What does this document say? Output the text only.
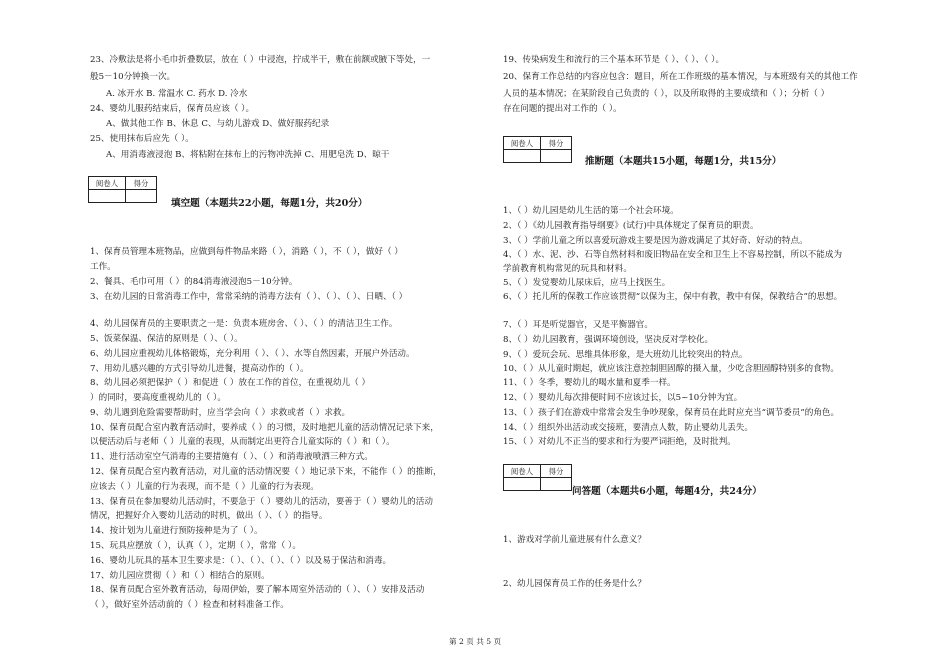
23、冷敷法是将小毛巾折叠数层，放在（ ）中浸泡，拧成半干，敷在前额或腋下等处，一
般5－10分钟换一次。
A. 冰开水 B. 常温水 C. 药水 D. 冷水
24、婴幼儿服药结束后，保育员应该（ ）。
A、做其他工作 B、休息 C、与幼儿游戏 D、做好服药纪录
25、使用抹布后应先（ ）。
A、用消毒液浸泡 B、将粘附在抹布上的污物冲洗掉 C、用肥皂洗 D、晾干
阅卷人	得分

填空题（本题共22小题，每题1分，共20分）
1、保育员管理本班物品，应做到每件物品来路（ ），消路（ ），不（ ），做好（ ）
工作。
2、餐具、毛巾可用（ ）的84消毒液浸泡5－10分钟。
3、在幼儿园的日常消毒工作中，常常采纳的消毒方法有（ ）、（ ）、（ ）、日晒、（ ）
4、幼儿园保育员的主要职责之一是：负责本班房舍、（ ）、（ ）的清洁卫生工作。
5、饭菜保温、保洁的原则是（ ）、（ ）。
6、幼儿园应重视幼儿体格锻炼，充分利用（ ）、（ ）、水等自然因素，开展户外活动。
7、用幼儿感兴趣的方式引导幼儿进餐，提高动作的（ ）。
8、幼儿园必须把保护（ ）和促进（ ）放在工作的首位，在重视幼儿（ ）
）的同时，要高度重视幼儿的（ ）。
9、幼儿遇到危险需要帮助时，应当学会向（ ）求救或者（ ）求救。
10、保育员配合室内教育活动时，要养成（ ）的习惯，及时地把儿童的活动情况记录下来，
以便活动后与老师（ ）儿童的表现，从而制定出更符合儿童实际的（ ）和（ ）。
11、进行活动室空气消毒的主要措施有（ ）、（ ）和消毒液喷洒三种方式。
12、保育员配合室内教育活动，对儿童的活动情况要（ ）地记录下来，不能作（ ）的推断，
应该去（ ）儿童的行为表现，而不是（ ）儿童的行为表现。
13、保育员在参加婴幼儿活动时，不要急于（ ）婴幼儿的活动，要善于（ ）婴幼儿的活动
情况，把握好介入婴幼儿活动的时机，做出（ ）、（ ）的指导。
14、按计划为儿童进行预防接种是为了（ ）。
15、玩具应摆放（ ），认真（ ），定期（ ），常常（ ）。
16、婴幼儿玩具的基本卫生要求是：（ ）、（ ）、（ ）、（ ）以及易于保洁和消毒。
17、幼儿园应贯彻（ ）和（ ）相结合的原则。
18、保育员配合室外教育活动，每周伊始，要了解本周室外活动的（ ）、（ ）安排及活动
（ ），做好室外活动前的（ ）检查和材料准备工作。
19、传染病发生和流行的三个基本环节是（ ）、（ ）、（ ）。
20、保育工作总结的内容应包含：题目，所在工作班级的基本情况，与本班级有关的其他工作
人员的基本情况；在某阶段自己负责的（ ），以及所取得的主要成绩和（ ）；分析（ ）
存在问题的提出对工作的（ ）。
阅卷人	得分

推断题（本题共15小题，每题1分，共15分）
1、（ ）幼儿园是幼儿生活的第一个社会环境。
2、（ ）《幼儿园教育指导纲要》(试行)中具体规定了保育员的职责。
3、（ ）学前儿童之所以喜爱玩游戏主要是因为游戏满足了其好奇、好动的特点。
4、（ ）水、泥、沙、石等自然材料和废旧物品在安全和卫生上不容易控制，所以不能成为
学前教育机构常见的玩具和材料。
5、（ ）发觉婴幼儿尿床后，应马上找医生。
6、（ ）托儿所的保教工作应该贯彻“以保为主，保中有教，教中有保，保教结合”的思想。
7、（ ）耳是听觉器官，又是平衡器官。
8、（ ）幼儿园教育，强调环境创设，坚决反对学校化。
9、（ ）爱玩会玩、思维具体形象，是大班幼儿比较突出的特点。
10、（ ）从儿童时期起，就应该注意控制胆固醇的摄入量，少吃含胆固醇特别多的食物。
11、（ ）冬季，婴幼儿的喝水量和夏季一样。
12、（ ）婴幼儿每次排便时间不应该过长，以5~10分钟为宜。
13、（ ）孩子们在游戏中常常会发生争吵现象，保育员在此时应充当“调节委员”的角色。
14、（ ）组织外出活动或交接班，要清点人数，防止婴幼儿丢失。
15、（ ）对幼儿不正当的要求和行为要严词拒绝，及时批判。
阅卷人	得分

问答题（本题共6小题，每题4分，共24分）
1、游戏对学前儿童进展有什么意义？
2、幼儿园保育员工作的任务是什么？
第 2 页 共 5 页
